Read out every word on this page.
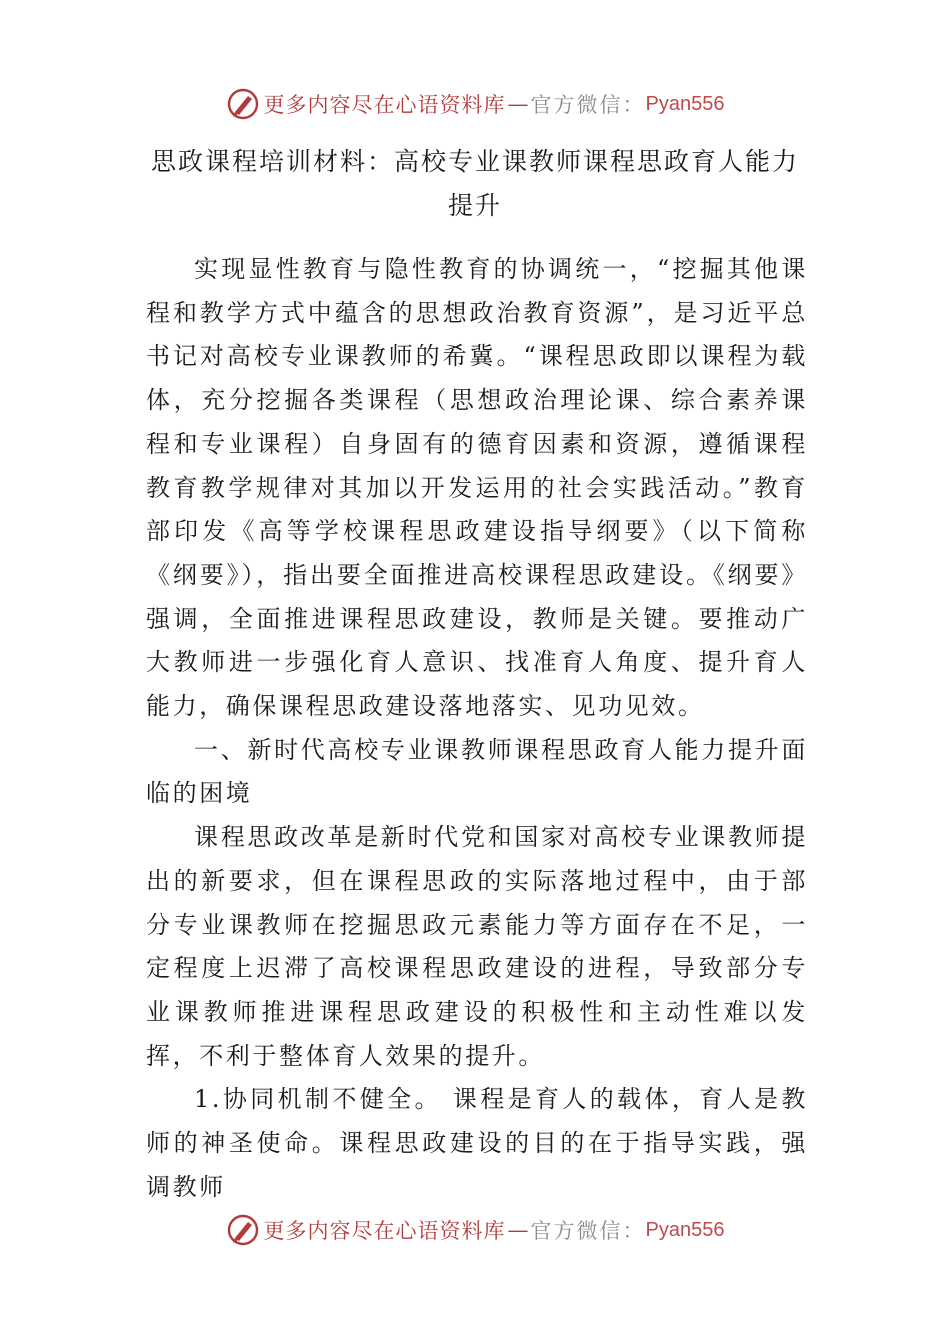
更多内容尽在心语资料库 — 官方微信： Pyan556
思政课程培训材料：高校专业课教师课程思政育人能力提升

实现显性教育与隐性教育的协调统一，“挖掘其他课程和教学方式中蕴含的思想政治教育资源”，是习近平总书记对高校专业课教师的希冀。“课程思政即以课程为载体，充分挖掘各类课程（思想政治理论课、综合素养课程和专业课程）自身固有的德育因素和资源，遵循课程教育教学规律对其加以开发运用的社会实践活动。”教育部印发《高等学校课程思政建设指导纲要》（以下简称《纲要》），指出要全面推进高校课程思政建设。《纲要》强调，全面推进课程思政建设，教师是关键。要推动广大教师进一步强化育人意识、找准育人角度、提升育人能力，确保课程思政建设落地落实、见功见效。

一、新时代高校专业课教师课程思政育人能力提升面临的困境

课程思政改革是新时代党和国家对高校专业课教师提出的新要求，但在课程思政的实际落地过程中，由于部分专业课教师在挖掘思政元素能力等方面存在不足，一定程度上迟滞了高校课程思政建设的进程，导致部分专业课教师推进课程思政建设的积极性和主动性难以发挥，不利于整体育人效果的提升。

1.协同机制不健全。 课程是育人的载体，育人是教师的神圣使命。课程思政建设的目的在于指导实践，强调教师

更多内容尽在心语资料库 — 官方微信： Pyan556
